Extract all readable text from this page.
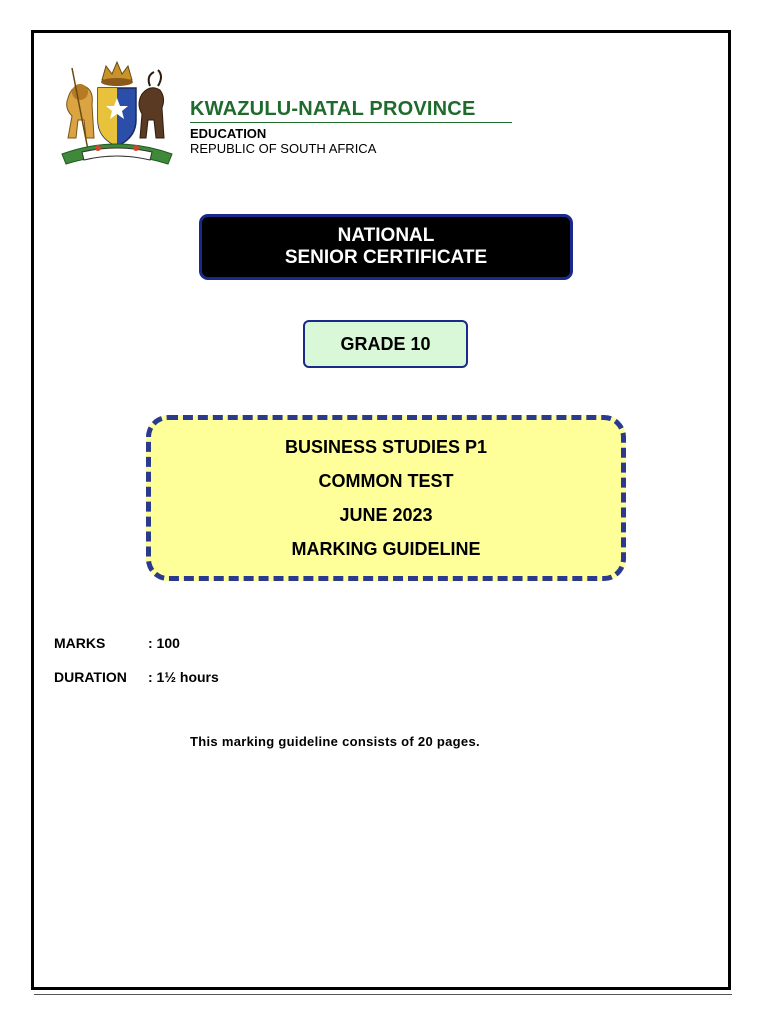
KWAZULU-NATAL PROVINCE
EDUCATION
REPUBLIC OF SOUTH AFRICA
NATIONAL
SENIOR CERTIFICATE
GRADE 10
BUSINESS STUDIES P1
COMMON TEST
JUNE 2023
MARKING GUIDELINE
MARKS	: 100
DURATION : 1½ hours
This marking guideline consists of 20 pages.
